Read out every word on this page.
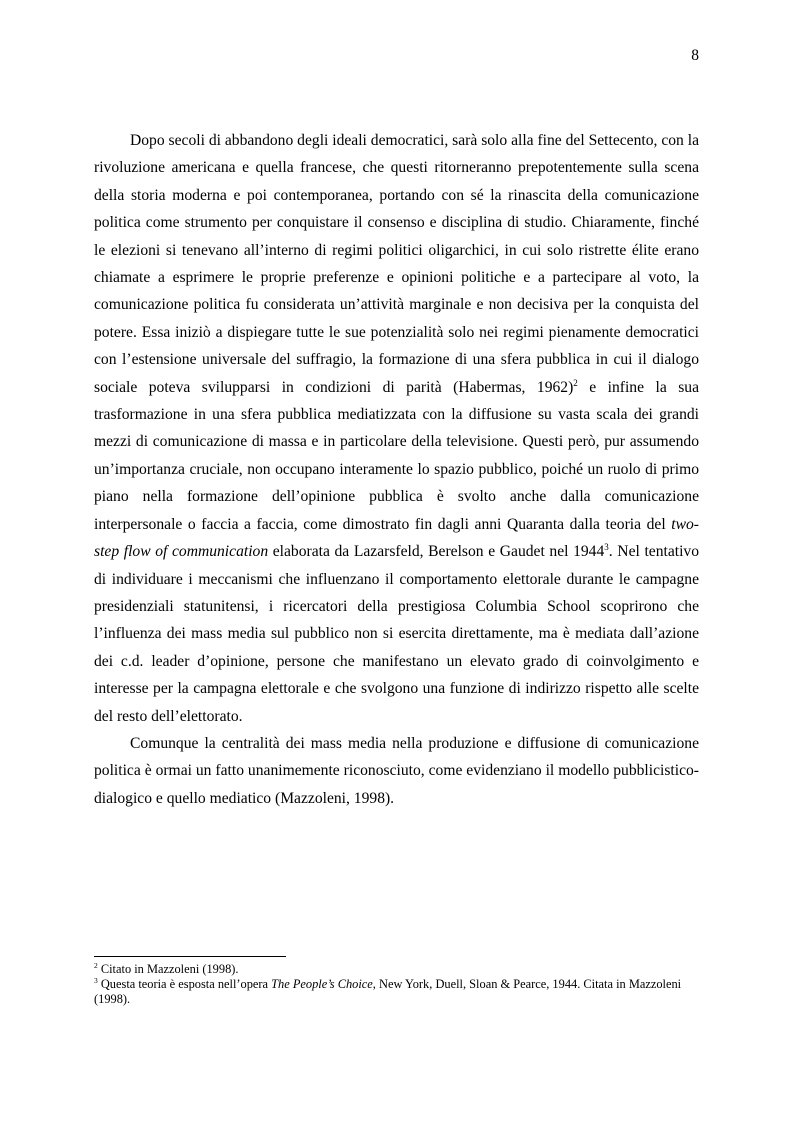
8

Dopo secoli di abbandono degli ideali democratici, sarà solo alla fine del Settecento, con la rivoluzione americana e quella francese, che questi ritorneranno prepotentemente sulla scena della storia moderna e poi contemporanea, portando con sé la rinascita della comunicazione politica come strumento per conquistare il consenso e disciplina di studio. Chiaramente, finché le elezioni si tenevano all’interno di regimi politici oligarchici, in cui solo ristrette élite erano chiamate a esprimere le proprie preferenze e opinioni politiche e a partecipare al voto, la comunicazione politica fu considerata un’attività marginale e non decisiva per la conquista del potere. Essa iniziò a dispiegare tutte le sue potenzialità solo nei regimi pienamente democratici con l’estensione universale del suffragio, la formazione di una sfera pubblica in cui il dialogo sociale poteva svilupparsi in condizioni di parità (Habermas, 1962)$^2$ e infine la sua trasformazione in una sfera pubblica mediatizzata con la diffusione su vasta scala dei grandi mezzi di comunicazione di massa e in particolare della televisione. Questi però, pur assumendo un’importanza cruciale, non occupano interamente lo spazio pubblico, poiché un ruolo di primo piano nella formazione dell’opinione pubblica è svolto anche dalla comunicazione interpersonale o faccia a faccia, come dimostrato fin dagli anni Quaranta dalla teoria del two-step flow of communication elaborata da Lazarsfeld, Berelson e Gaudet nel 1944$^3$. Nel tentativo di individuare i meccanismi che influenzano il comportamento elettorale durante le campagne presidenziali statunitensi, i ricercatori della prestigiosa Columbia School scoprirono che l’influenza dei mass media sul pubblico non si esercita direttamente, ma è mediata dall’azione dei c.d. leader d’opinione, persone che manifestano un elevato grado di coinvolgimento e interesse per la campagna elettorale e che svolgono una funzione di indirizzo rispetto alle scelte del resto dell’elettorato.

Comunque la centralità dei mass media nella produzione e diffusione di comunicazione politica è ormai un fatto unanimemente riconosciuto, come evidenziano il modello pubblicistico-dialogico e quello mediatico (Mazzoleni, 1998).

$^2$ Citato in Mazzoleni (1998).

$^3$ Questa teoria è esposta nell’opera The People’s Choice, New York, Duell, Sloan & Pearce, 1944. Citata in Mazzoleni (1998).
